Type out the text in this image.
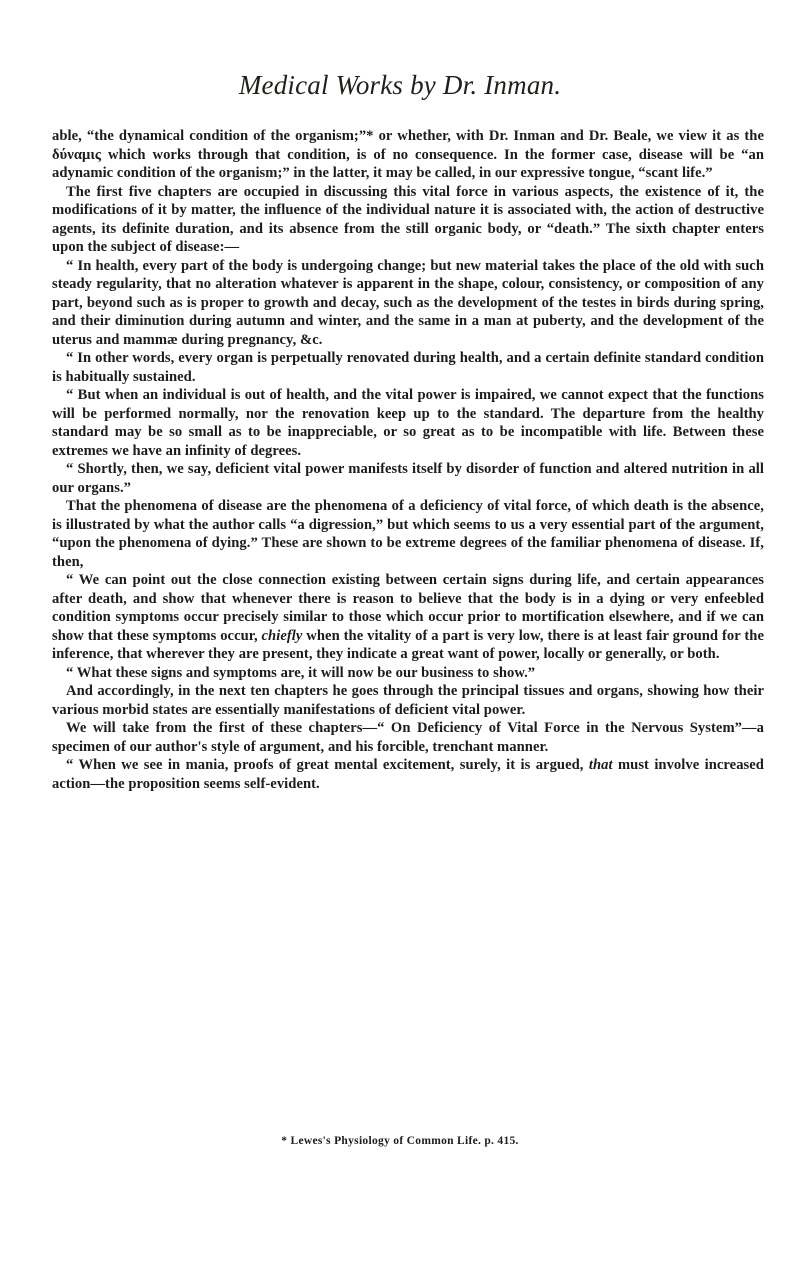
Medical Works by Dr. Inman.

able, “the dynamical condition of the organism;”* or whether, with Dr. Inman and Dr. Beale, we view it as the δύναμις which works through that condition, is of no consequence. In the former case, disease will be “an adynamic condition of the organism;” in the latter, it may be called, in our expressive tongue, “scant life.”

The first five chapters are occupied in discussing this vital force in various aspects, the existence of it, the modifications of it by matter, the influence of the individual nature it is associated with, the action of destructive agents, its definite duration, and its absence from the still organic body, or “death.” The sixth chapter enters upon the subject of disease:—

“ In health, every part of the body is undergoing change; but new material takes the place of the old with such steady regularity, that no alteration whatever is apparent in the shape, colour, consistency, or composition of any part, beyond such as is proper to growth and decay, such as the development of the testes in birds during spring, and their diminution during autumn and winter, and the same in a man at puberty, and the development of the uterus and mammæ during pregnancy, &c.

“ In other words, every organ is perpetually renovated during health, and a certain definite standard condition is habitually sustained.

“ But when an individual is out of health, and the vital power is impaired, we cannot expect that the functions will be performed normally, nor the renovation keep up to the standard. The departure from the healthy standard may be so small as to be inappreciable, or so great as to be incompatible with life. Between these extremes we have an infinity of degrees.

“ Shortly, then, we say, deficient vital power manifests itself by disorder of function and altered nutrition in all our organs.”

That the phenomena of disease are the phenomena of a deficiency of vital force, of which death is the absence, is illustrated by what the author calls “a digression,” but which seems to us a very essential part of the argument, “upon the phenomena of dying.” These are shown to be extreme degrees of the familiar phenomena of disease. If, then,

“ We can point out the close connection existing between certain signs during life, and certain appearances after death, and show that whenever there is reason to believe that the body is in a dying or very enfeebled condition symptoms occur precisely similar to those which occur prior to mortification elsewhere, and if we can show that these symptoms occur, chiefly when the vitality of a part is very low, there is at least fair ground for the inference, that wherever they are present, they indicate a great want of power, locally or generally, or both.

“ What these signs and symptoms are, it will now be our business to show.”

And accordingly, in the next ten chapters he goes through the principal tissues and organs, showing how their various morbid states are essentially manifestations of deficient vital power.

We will take from the first of these chapters—“ On Deficiency of Vital Force in the Nervous System”—a specimen of our author's style of argument, and his forcible, trenchant manner.

“ When we see in mania, proofs of great mental excitement, surely, it is argued, that must involve increased action—the proposition seems self-evident.

* Lewes's Physiology of Common Life. p. 415.
